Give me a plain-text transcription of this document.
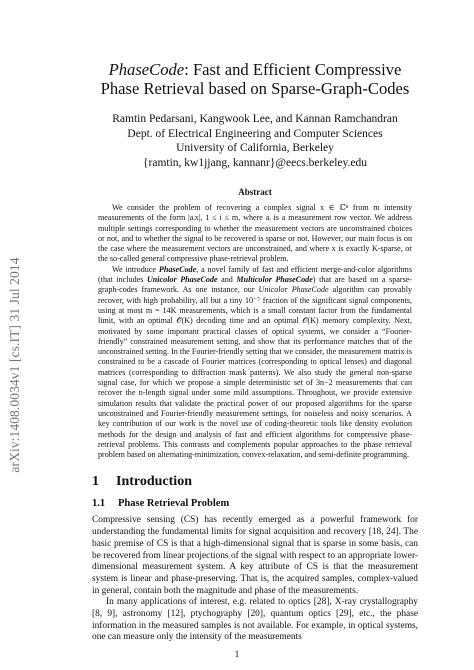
arXiv:1408.0034v1 [cs.IT] 31 Jul 2014
PhaseCode: Fast and Efficient Compressive
Phase Retrieval based on Sparse-Graph-Codes
Ramtin Pedarsani, Kangwook Lee, and Kannan Ramchandran
Dept. of Electrical Engineering and Computer Sciences
University of California, Berkeley
{ramtin, kw1jjang, kannanr}@eecs.berkeley.edu
Abstract

We consider the problem of recovering a complex signal x ∈ ℂⁿ from m intensity measurements of the form |aᵢx|, 1 ≤ i ≤ m, where aᵢ is a measurement row vector. We address multiple settings corresponding to whether the measurement vectors are unconstrained choices or not, and to whether the signal to be recovered is sparse or not. However, our main focus is on the case where the measurement vectors are unconstrained, and where x is exactly K-sparse, or the so-called general compressive phase-retrieval problem.

We introduce PhaseCode, a novel family of fast and efficient merge-and-color algorithms (that includes Unicolor PhaseCode and Multicolor PhaseCode) that are based on a sparse-graph-codes framework. As one instance, our Unicolor PhaseCode algorithm can provably recover, with high probability, all but a tiny 10⁻⁷ fraction of the significant signal components, using at most m = 14K measurements, which is a small constant factor from the fundamental limit, with an optimal 𝒪(K) decoding time and an optimal 𝒪(K) memory complexity. Next, motivated by some important practical classes of optical systems, we consider a “Fourier-friendly” constrained measurement setting, and show that its performance matches that of the unconstrained setting. In the Fourier-friendly setting that we consider, the measurement matrix is constrained to be a cascade of Fourier matrices (corresponding to optical lenses) and diagonal matrices (corresponding to diffraction mask patterns). We also study the general non-sparse signal case, for which we propose a simple deterministic set of 3n−2 measurements that can recover the n-length signal under some mild assumptions. Throughout, we provide extensive simulation results that validate the practical power of our proposed algorithms for the sparse unconstrained and Fourier-friendly measurement settings, for noiseless and noisy scenarios. A key contribution of our work is the novel use of coding-theoretic tools like density evolution methods for the design and analysis of fast and efficient algorithms for compressive phase-retrieval problems. This contrasts and complements popular approaches to the phase retrieval problem based on alternating-minimization, convex-relaxation, and semi-definite programming.

1 Introduction
1.1 Phase Retrieval Problem

Compressive sensing (CS) has recently emerged as a powerful framework for understanding the fundamental limits for signal acquisition and recovery [18, 24]. The basic premise of CS is that a high-dimensional signal that is sparse in some basis, can be recovered from linear projections of the signal with respect to an appropriate lower-dimensional measurement system. A key attribute of CS is that the measurement system is linear and phase-preserving. That is, the acquired samples, complex-valued in general, contain both the magnitude and phase of the measurements.

In many applications of interest, e.g. related to optics [28], X-ray crystallography [8, 9], astronomy [12], ptychography [20], quantum optics [29], etc., the phase information in the measured samples is not available. For example, in optical systems, one can measure only the intensity of the measurements

1
